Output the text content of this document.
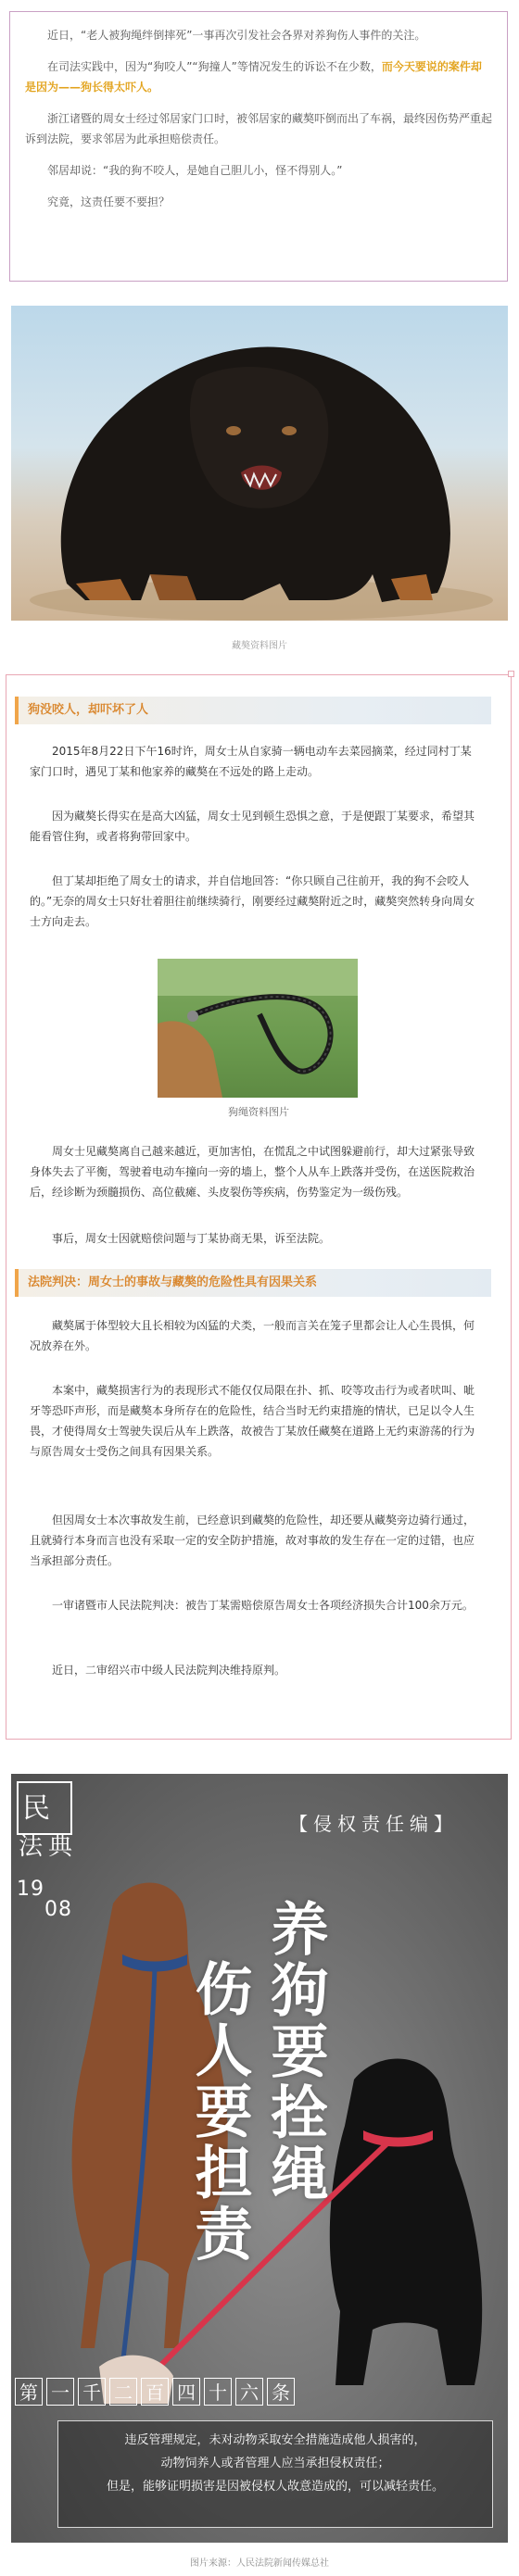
近日，“老人被狗绳绊倒摔死”一事再次引发社会各界对养狗伤人事件的关注。

在司法实践中，因为“狗咬人”“狗撞人”等情况发生的诉讼不在少数，而今天要说的案件却是因为——狗长得太吓人。

浙江诸暨的周女士经过邻居家门口时，被邻居家的藏獒吓倒而出了车祸，最终因伤势严重起诉到法院，要求邻居为此承担赔偿责任。

邻居却说：“我的狗不咬人，是她自己胆儿小，怪不得别人。”

究竟，这责任要不要担？

藏獒资料图片
狗没咬人，却吓坏了人

2015年8月22日下午16时许，周女士从自家骑一辆电动车去菜园摘菜，经过同村丁某家门口时，遇见丁某和他家养的藏獒在不远处的路上走动。

因为藏獒长得实在是高大凶猛，周女士见到顿生恐惧之意，于是便跟丁某要求，希望其能看管住狗，或者将狗带回家中。

但丁某却拒绝了周女士的请求，并自信地回答：“你只顾自己往前开，我的狗不会咬人的。”无奈的周女士只好壮着胆往前继续骑行，刚要经过藏獒附近之时，藏獒突然转身向周女士方向走去。

狗绳资料图片

周女士见藏獒离自己越来越近，更加害怕，在慌乱之中试图躲避前行，却大过紧张导致身体失去了平衡，驾驶着电动车撞向一旁的墙上，整个人从车上跌落并受伤，在送医院救治后，经诊断为颈髓损伤、高位截瘫、头皮裂伤等疾病，伤势鉴定为一级伤残。

事后，周女士因就赔偿问题与丁某协商无果，诉至法院。

法院判决：周女士的事故与藏獒的危险性具有因果关系

藏獒属于体型较大且长相较为凶猛的犬类，一般而言关在笼子里都会让人心生畏惧，何况放养在外。

本案中，藏獒损害行为的表现形式不能仅仅局限在扑、抓、咬等攻击行为或者吠叫、呲牙等恐吓声形，而是藏獒本身所存在的危险性，结合当时无约束措施的情状，已足以令人生畏，才使得周女士驾驶失误后从车上跌落，故被告丁某放任藏獒在道路上无约束游荡的行为与原告周女士受伤之间具有因果关系。

但因周女士本次事故发生前，已经意识到藏獒的危险性，却还要从藏獒旁边骑行通过，且就骑行本身而言也没有采取一定的安全防护措施，故对事故的发生存在一定的过错，也应当承担部分责任。

一审诸暨市人民法院判决：被告丁某需赔偿原告周女士各项经济损失合计100余万元。

近日，二审绍兴市中级人民法院判决维持原判。

民
法 典
19
08
【侵权责任编】
养狗要拴绳
伤人要担责
第 一 千 二 百 四 十 六 条
违反管理规定，未对动物采取安全措施造成他人损害的，
动物饲养人或者管理人应当承担侵权责任；
但是，能够证明损害是因被侵权人故意造成的，可以减轻责任。
图片来源：人民法院新闻传媒总社
